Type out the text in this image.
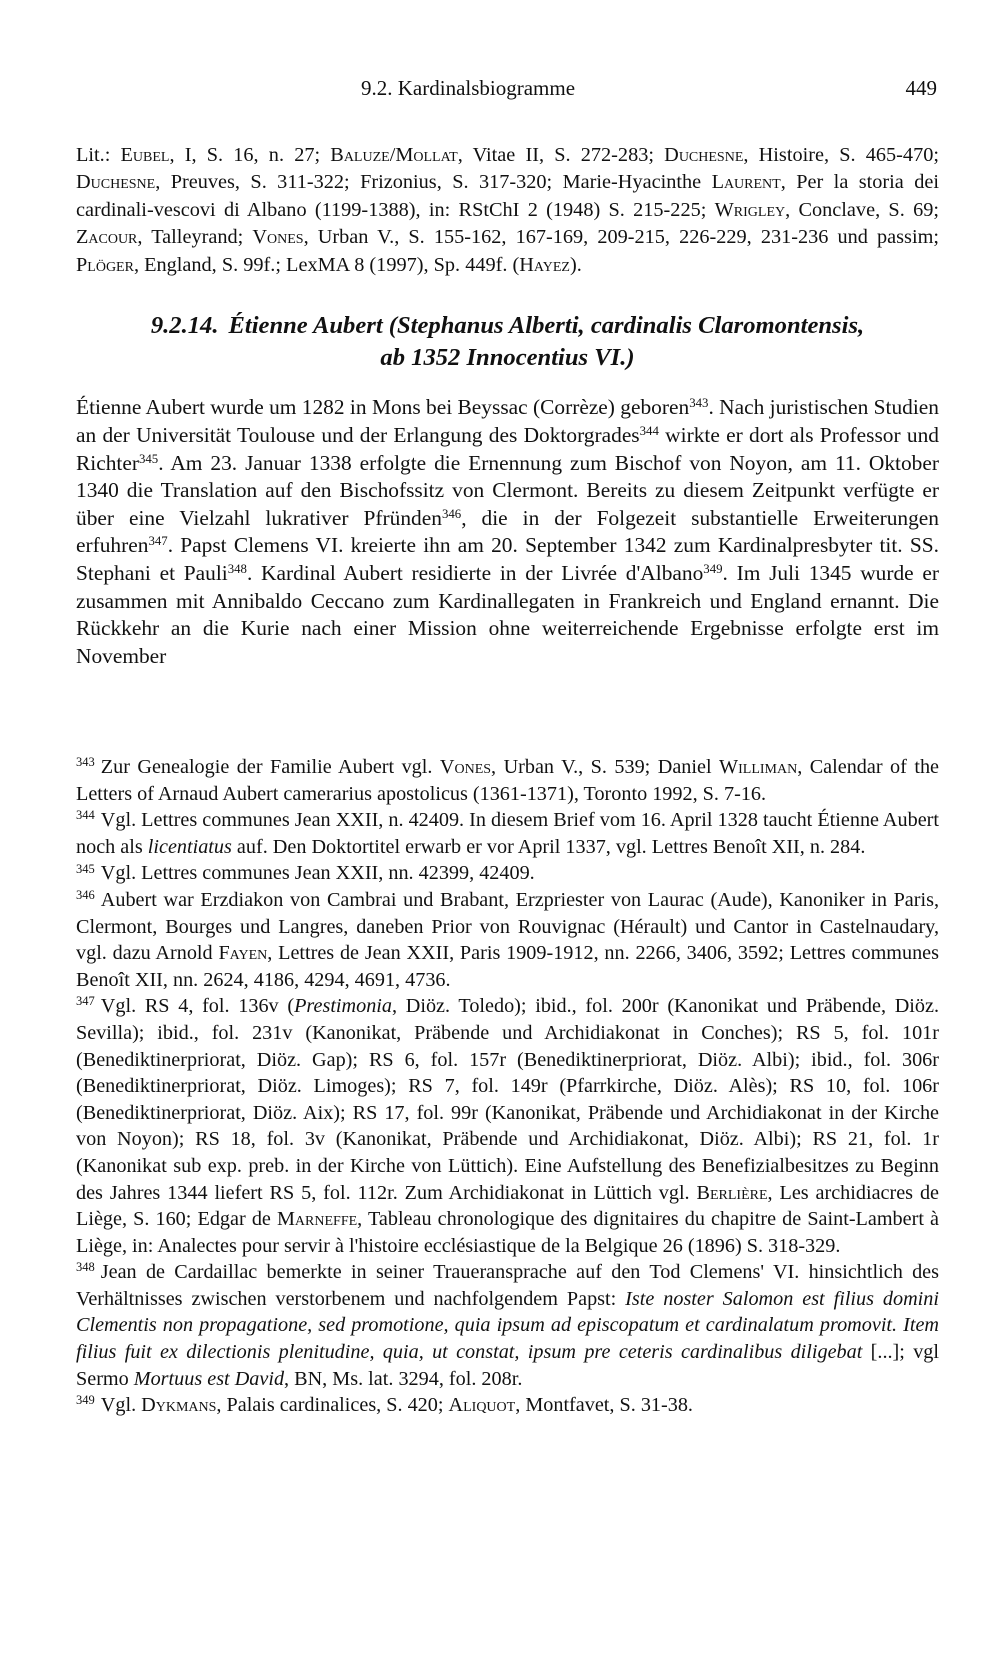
9.2. Kardinalsbiogramme	449

Lit.: Eubel, I, S. 16, n. 27; Baluze/Mollat, Vitae II, S. 272-283; Duchesne, Histoire, S. 465-470; Duchesne, Preuves, S. 311-322; Frizonius, S. 317-320; Marie-Hyacinthe Laurent, Per la storia dei cardinali-vescovi di Albano (1199-1388), in: RStChI 2 (1948) S. 215-225; Wrigley, Conclave, S. 69; Zacour, Talleyrand; Vones, Urban V., S. 155-162, 167-169, 209-215, 226-229, 231-236 und passim; Plöger, England, S. 99f.; LexMA 8 (1997), Sp. 449f. (Hayez).

9.2.14. Étienne Aubert (Stephanus Alberti, cardinalis Claromontensis,
ab 1352 Innocentius VI.)

Étienne Aubert wurde um 1282 in Mons bei Beyssac (Corrèze) geboren$^{343}$. Nach juristischen Studien an der Universität Toulouse und der Erlangung des Doktorgrades$^{344}$ wirkte er dort als Professor und Richter$^{345}$. Am 23. Januar 1338 erfolgte die Ernennung zum Bischof von Noyon, am 11. Oktober 1340 die Translation auf den Bischofssitz von Clermont. Bereits zu diesem Zeitpunkt verfügte er über eine Vielzahl lukrativer Pfründen$^{346}$, die in der Folgezeit substantielle Erweiterungen erfuhren$^{347}$. Papst Clemens VI. kreierte ihn am 20. September 1342 zum Kardinalpresbyter tit. SS. Stephani et Pauli$^{348}$. Kardinal Aubert residierte in der Livrée d'Albano$^{349}$. Im Juli 1345 wurde er zusammen mit Annibaldo Ceccano zum Kardinallegaten in Frankreich und England ernannt. Die Rückkehr an die Kurie nach einer Mission ohne weiterreichende Ergebnisse erfolgte erst im November

$^{343}$ Zur Genealogie der Familie Aubert vgl. Vones, Urban V., S. 539; Daniel Williman, Calendar of the Letters of Arnaud Aubert camerarius apostolicus (1361-1371), Toronto 1992, S. 7-16.

$^{344}$ Vgl. Lettres communes Jean XXII, n. 42409. In diesem Brief vom 16. April 1328 taucht Étienne Aubert noch als licentiatus auf. Den Doktortitel erwarb er vor April 1337, vgl. Lettres Benoît XII, n. 284.

$^{345}$ Vgl. Lettres communes Jean XXII, nn. 42399, 42409.

$^{346}$ Aubert war Erzdiakon von Cambrai und Brabant, Erzpriester von Laurac (Aude), Kanoniker in Paris, Clermont, Bourges und Langres, daneben Prior von Rouvignac (Hérault) und Cantor in Castelnaudary, vgl. dazu Arnold Fayen, Lettres de Jean XXII, Paris 1909-1912, nn. 2266, 3406, 3592; Lettres communes Benoît XII, nn. 2624, 4186, 4294, 4691, 4736.

$^{347}$ Vgl. RS 4, fol. 136v (Prestimonia, Diöz. Toledo); ibid., fol. 200r (Kanonikat und Präbende, Diöz. Sevilla); ibid., fol. 231v (Kanonikat, Präbende und Archidiakonat in Conches); RS 5, fol. 101r (Benediktinerpriorat, Diöz. Gap); RS 6, fol. 157r (Benediktinerpriorat, Diöz. Albi); ibid., fol. 306r (Benediktinerpriorat, Diöz. Limoges); RS 7, fol. 149r (Pfarrkirche, Diöz. Alès); RS 10, fol. 106r (Benediktinerpriorat, Diöz. Aix); RS 17, fol. 99r (Kanonikat, Präbende und Archidiakonat in der Kirche von Noyon); RS 18, fol. 3v (Kanonikat, Präbende und Archidiakonat, Diöz. Albi); RS 21, fol. 1r (Kanonikat sub exp. preb. in der Kirche von Lüttich). Eine Aufstellung des Benefizialbesitzes zu Beginn des Jahres 1344 liefert RS 5, fol. 112r. Zum Archidiakonat in Lüttich vgl. Berlière, Les archidiacres de Liège, S. 160; Edgar de Marneffe, Tableau chronologique des dignitaires du chapitre de Saint-Lambert à Liège, in: Analectes pour servir à l'histoire ecclésiastique de la Belgique 26 (1896) S. 318-329.

$^{348}$ Jean de Cardaillac bemerkte in seiner Traueransprache auf den Tod Clemens' VI. hinsichtlich des Verhältnisses zwischen verstorbenem und nachfolgendem Papst: Iste noster Salomon est filius domini Clementis non propagatione, sed promotione, quia ipsum ad episcopatum et cardinalatum promovit. Item filius fuit ex dilectionis plenitudine, quia, ut constat, ipsum pre ceteris cardinalibus diligebat [...]; vgl Sermo Mortuus est David, BN, Ms. lat. 3294, fol. 208r.

$^{349}$ Vgl. Dykmans, Palais cardinalices, S. 420; Aliquot, Montfavet, S. 31-38.
